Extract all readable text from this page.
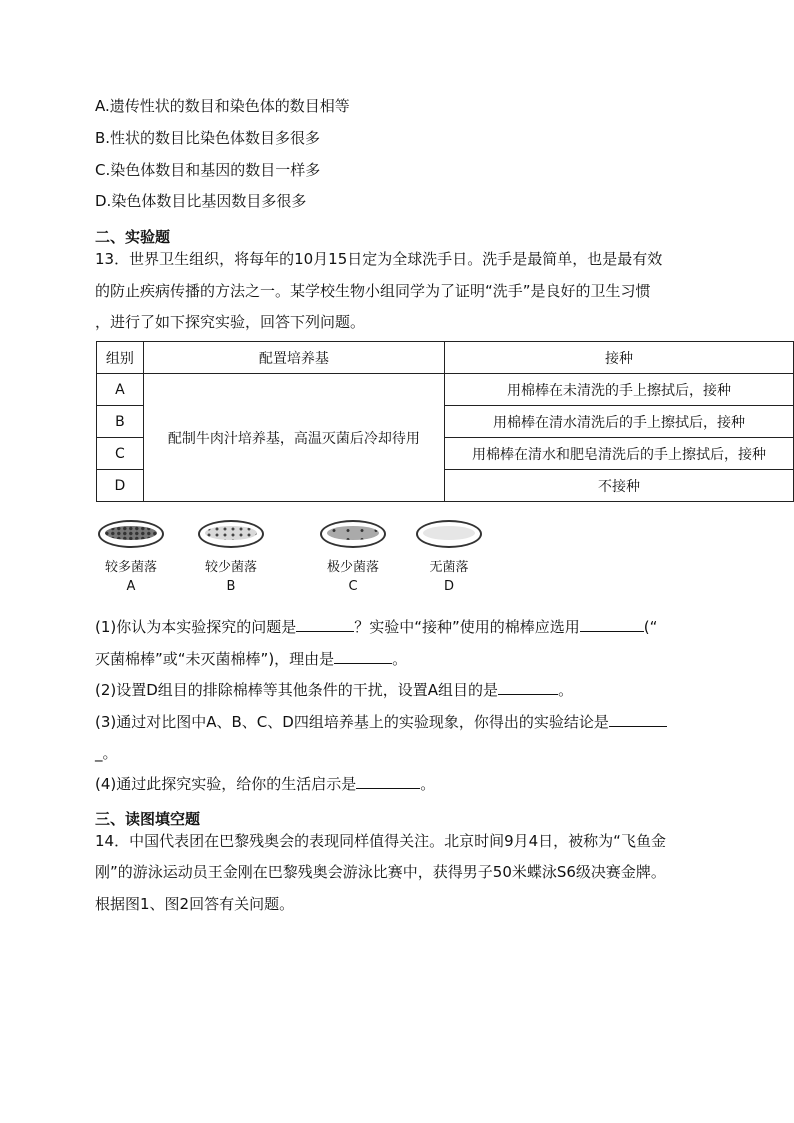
A.遗传性状的数目和染色体的数目相等
B.性状的数目比染色体数目多很多
C.染色体数目和基因的数目一样多
D.染色体数目比基因数目多很多
二、实验题
13．世界卫生组织，将每年的10月15日定为全球洗手日。洗手是最简单，也是最有效
的防止疾病传播的方法之一。某学校生物小组同学为了证明“洗手”是良好的卫生习惯
，进行了如下探究实验，回答下列问题。
组别	配置培养基	接种
A	配制牛肉汁培养基，高温灭菌后冷却待用	用棉棒在未清洗的手上擦拭后，接种
B		用棉棒在清水清洗后的手上擦拭后，接种
C		用棉棒在清水和肥皂清洗后的手上擦拭后，接种
D		不接种
较多菌落
A
较少菌落
B
极少菌落
C
无菌落
D
(1)你认为本实验探究的问题是	？实验中“接种”使用的棉棒应选用	(“
灭菌棉棒”或“未灭菌棉棒”)，理由是	。
(2)设置D组目的排除棉棒等其他条件的干扰，设置A组目的是	。
(3)通过对比图中A、B、C、D四组培养基上的实验现象，你得出的实验结论是
_。
(4)通过此探究实验，给你的生活启示是	。
三、读图填空题
14．中国代表团在巴黎残奥会的表现同样值得关注。北京时间9月4日，被称为“飞鱼金
刚”的游泳运动员王金刚在巴黎残奥会游泳比赛中，获得男子50米蝶泳S6级决赛金牌。
根据图1、图2回答有关问题。
